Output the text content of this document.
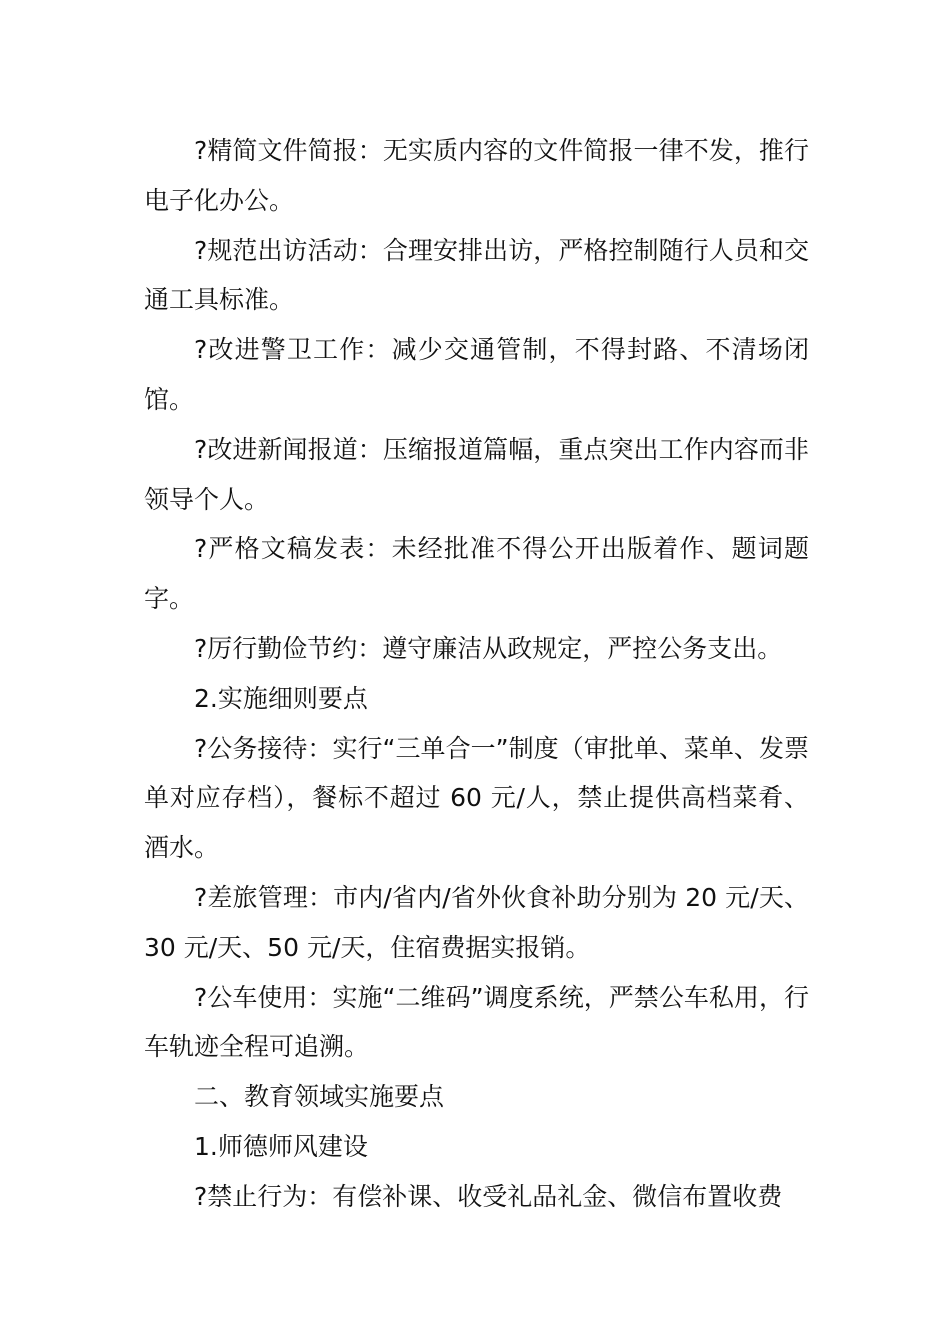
?精简文件简报：无实质内容的文件简报一律不发，推行电子化办公。

?规范出访活动：合理安排出访，严格控制随行人员和交通工具标准。

?改进警卫工作：减少交通管制，不得封路、不清场闭馆。

?改进新闻报道：压缩报道篇幅，重点突出工作内容而非领导个人。

?严格文稿发表：未经批准不得公开出版着作、题词题字。

?厉行勤俭节约：遵守廉洁从政规定，严控公务支出。

2.实施细则要点

?公务接待：实行“三单合一”制度（审批单、菜单、发票单对应存档），餐标不超过 60 元/人，禁止提供高档菜肴、酒水。

?差旅管理：市内/省内/省外伙食补助分别为 20 元/天、30 元/天、50 元/天，住宿费据实报销。

?公车使用：实施“二维码”调度系统，严禁公车私用，行车轨迹全程可追溯。

二、教育领域实施要点

1.师德师风建设

?禁止行为：有偿补课、收受礼品礼金、微信布置收费
